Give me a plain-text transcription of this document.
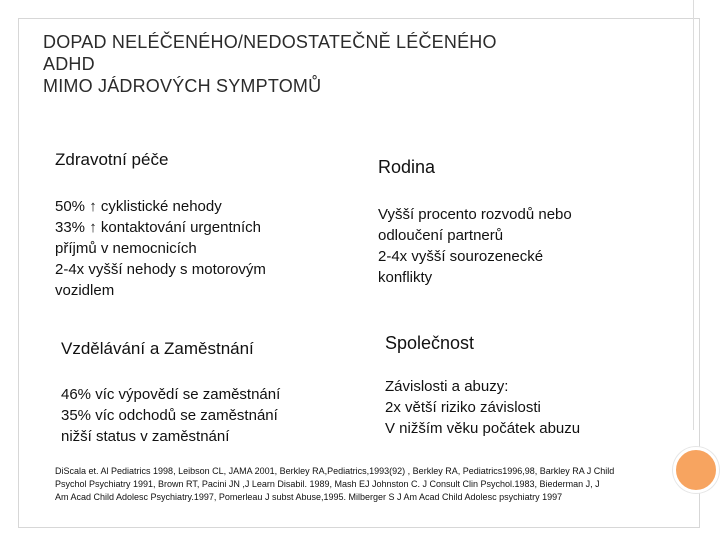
DOPAD NELÉČENÉHO/NEDOSTATEČNĚ LÉČENÉHO
ADHD
MIMO JÁDROVÝCH SYMPTOMŮ
Zdravotní péče
50% ↑ cyklistické nehody
33% ↑ kontaktování urgentních
příjmů v nemocnicích
2-4x vyšší nehody s motorovým
vozidlem
Rodina
Vyšší procento rozvodů nebo
odloučení partnerů
2-4x vyšší sourozenecké
konflikty
Vzdělávání a Zaměstnání
46% víc výpovědí se zaměstnání
35% víc odchodů se zaměstnání
nižší status v zaměstnání
Společnost
Závislosti a abuzy:
2x větší riziko závislosti
V nižším věku počátek abuzu
DiScala et. Al Pediatrics 1998, Leibson CL, JAMA 2001, Berkley RA,Pediatrics,1993(92) , Berkley RA, Pediatrics1996,98, Barkley RA J Child Psychol Psychiatry 1991, Brown RT, Pacini JN ,J Learn Disabil. 1989, Mash EJ Johnston C. J Consult Clin Psychol.1983, Biederman J, J Am Acad Child Adolesc Psychiatry.1997, Pomerleau J subst Abuse,1995. Milberger S J Am Acad Child Adolesc psychiatry 1997
